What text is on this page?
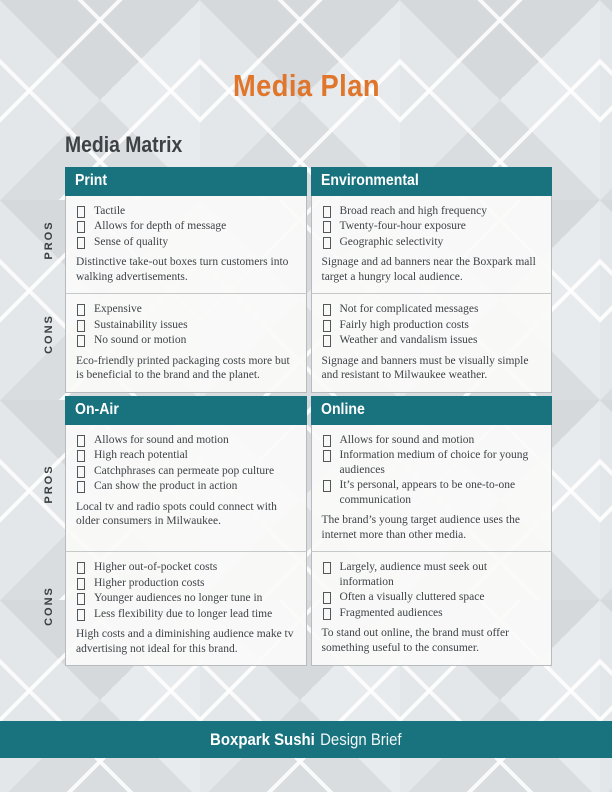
Media Plan
Media Matrix
PROS
CONS
PROS
CONS
Print	Environmental
Tactile
Allows for depth of message
Sense of quality

Distinctive take-out boxes turn customers into walking advertisements.

Broad reach and high frequency
Twenty-four-hour exposure
Geographic selectivity

Signage and ad banners near the Boxpark mall target a hungry local audience.

Expensive
Sustainability issues
No sound or motion

Eco-friendly printed packaging costs more but is beneficial to the brand and the planet.

Not for complicated messages
Fairly high production costs
Weather and vandalism issues

Signage and banners must be visually simple and resistant to Milwaukee weather.

On-Air	Online
Allows for sound and motion
High reach potential
Catchphrases can permeate pop culture
Can show the product in action

Local tv and radio spots could connect with older consumers in Milwaukee.

Allows for sound and motion
Information medium of choice for young audiences
It’s personal, appears to be one-to-one communication

The brand’s young target audience uses the internet more than other media.

Higher out-of-pocket costs
Higher production costs
Younger audiences no longer tune in
Less flexibility due to longer lead time

High costs and a diminishing audience make tv advertising not ideal for this brand.

Largely, audience must seek out information
Often a visually cluttered space
Fragmented audiences

To stand out online, the brand must offer something useful to the consumer.

Boxpark Sushi Design Brief
